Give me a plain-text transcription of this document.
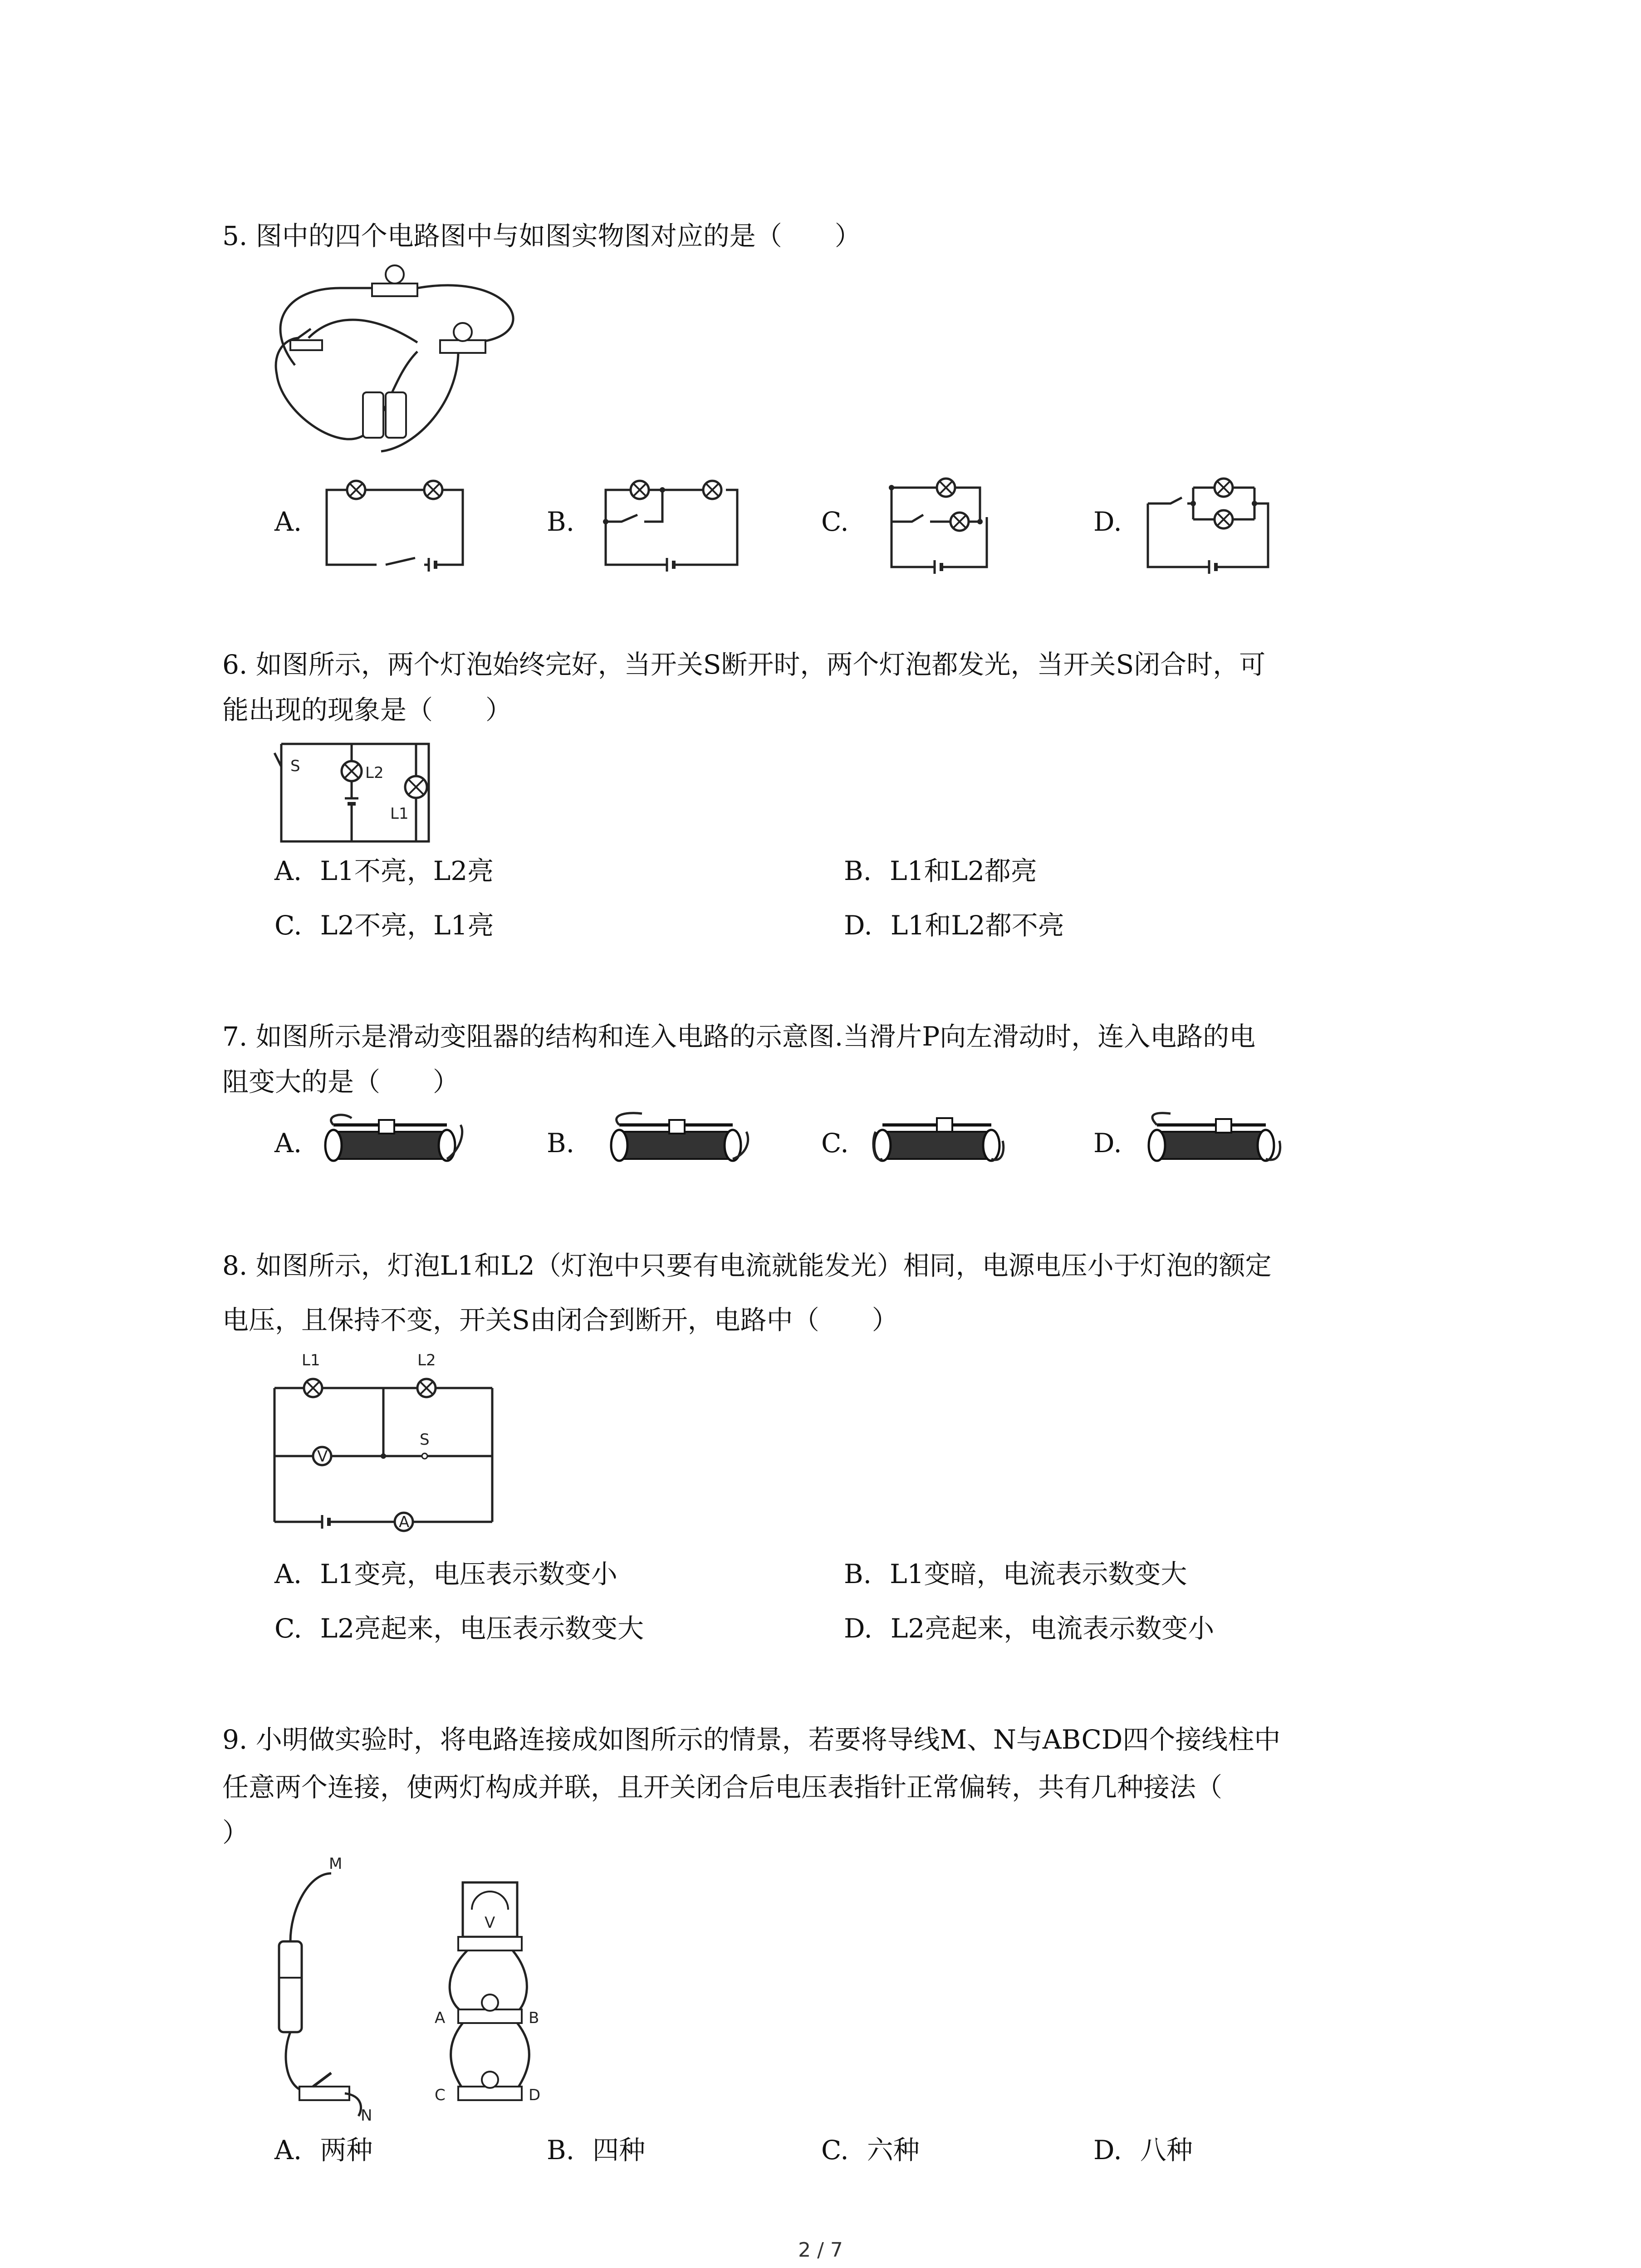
5. 图中的四个电路图中与如图实物图对应的是（　　）
A.	B.	C.	D.
6. 如图所示，两个灯泡始终完好，当开关S断开时，两个灯泡都发光，当开关S闭合时，可
能出现的现象是（　　）
S	L2
L1
A. L1不亮，L2亮	B. L1和L2都亮
C. L2不亮，L1亮	D. L1和L2都不亮
7. 如图所示是滑动变阻器的结构和连入电路的示意图.当滑片P向左滑动时，连入电路的电
阻变大的是（　　）
A.	B.	C.	D.
8. 如图所示，灯泡L1和L2（灯泡中只要有电流就能发光）相同，电源电压小于灯泡的额定
电压，且保持不变，开关S由闭合到断开，电路中（　　）
V
A
L1	L2
S
A. L1变亮，电压表示数变小	B. L1变暗，电流表示数变大
C. L2亮起来，电压表示数变大	D. L2亮起来，电流表示数变小
9. 小明做实验时，将电路连接成如图所示的情景，若要将导线M、N与ABCD四个接线柱中
任意两个连接，使两灯构成并联，且开关闭合后电压表指针正常偏转，共有几种接法（
）
M
N
V
A	B
C	D
A. 两种	B. 四种	C. 六种	D. 八种
2 / 7
